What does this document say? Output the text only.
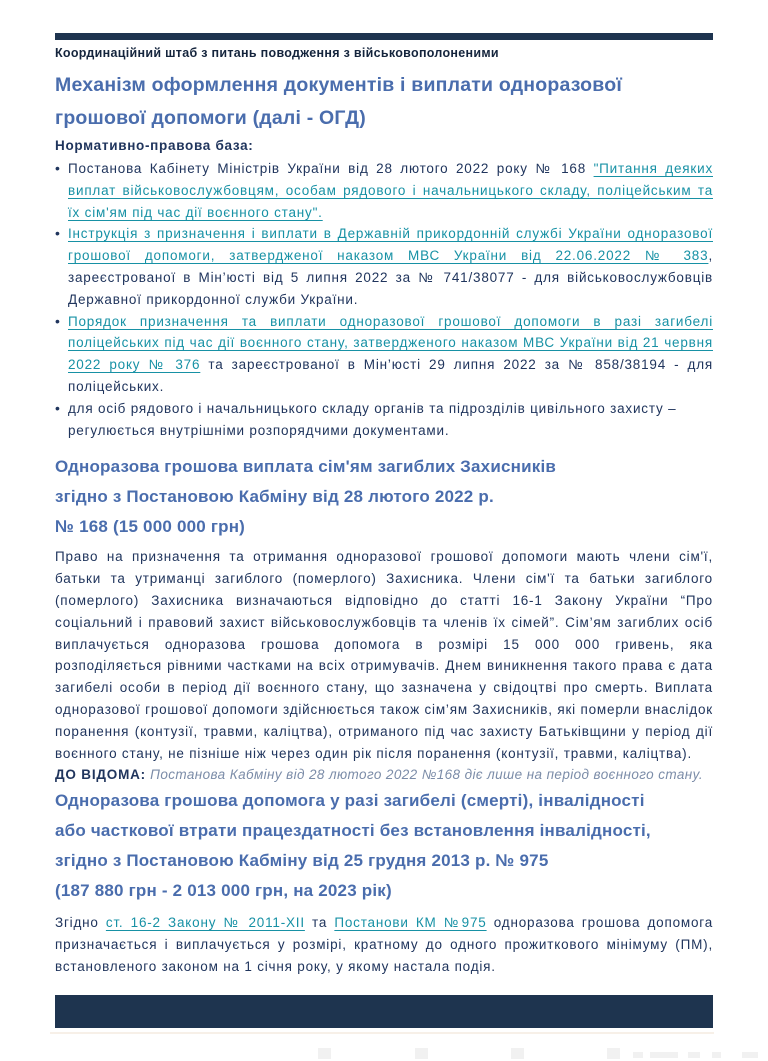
Координаційний штаб з питань поводження з військовополоненими
Механізм оформлення документів і виплати одноразової грошової допомоги (далі - ОГД)
Нормативно-правова база:
• Постанова Кабінету Міністрів України від 28 лютого 2022 року № 168 "Питання деяких виплат військовослужбовцям, особам рядового і начальницького складу, поліцейським та їх сім'ям під час дії воєнного стану".
• Інструкція з призначення і виплати в Державній прикордонній службі України одноразової грошової допомоги, затвердженої наказом МВС України від 22.06.2022 № 383, зареєстрованої в Мін’юсті від 5 липня 2022 за № 741/38077 - для військовослужбовців Державної прикордонної служби України.
• Порядок призначення та виплати одноразової грошової допомоги в разі загибелі поліцейських під час дії воєнного стану, затвердженого наказом МВС України від 21 червня 2022 року № 376 та зареєстрованої в Мін’юсті 29 липня 2022 за № 858/38194 - для поліцейських.
• для осіб рядового і начальницького складу органів та підрозділів цивільного захисту – регулюється внутрішніми розпорядчими документами.
Одноразова грошова виплата сім'ям загиблих Захисників
згідно з Постановою Кабміну від 28 лютого 2022 р.
№ 168 (15 000 000 грн)

Право на призначення та отримання одноразової грошової допомоги мають члени сім'ї, батьки та утриманці загиблого (померлого) Захисника. Члени сім'ї та батьки загиблого (померлого) Захисника визначаються відповідно до статті 16-1 Закону України “Про соціальний і правовий захист військовослужбовців та членів їх сімей”. Сім’ям загиблих осіб виплачується одноразова грошова допомога в розмірі 15 000 000 гривень, яка розподіляється рівними частками на всіх отримувачів. Днем виникнення такого права є дата загибелі особи в період дії воєнного стану, що зазначена у свідоцтві про смерть. Виплата одноразової грошової допомоги здійснюється також сім’ям Захисників, які померли внаслідок поранення (контузії, травми, каліцтва), отриманого під час захисту Батьківщини у період дії воєнного стану, не пізніше ніж через один рік після поранення (контузії, травми, каліцтва).

ДО ВІДОМА: Постанова Кабміну від 28 лютого 2022 №168 діє лише на період воєнного стану.

Одноразова грошова допомога у разі загибелі (смерті), інвалідності
або часткової втрати працездатності без встановлення інвалідності,
згідно з Постановою Кабміну від 25 грудня 2013 р. № 975
(187 880 грн - 2 013 000 грн, на 2023 рік)

Згідно ст. 16-2 Закону № 2011-XII та Постанови КМ №975 одноразова грошова допомога призначається і виплачується у розмірі, кратному до одного прожиткового мінімуму (ПМ), встановленого законом на 1 січня року, у якому настала подія.
